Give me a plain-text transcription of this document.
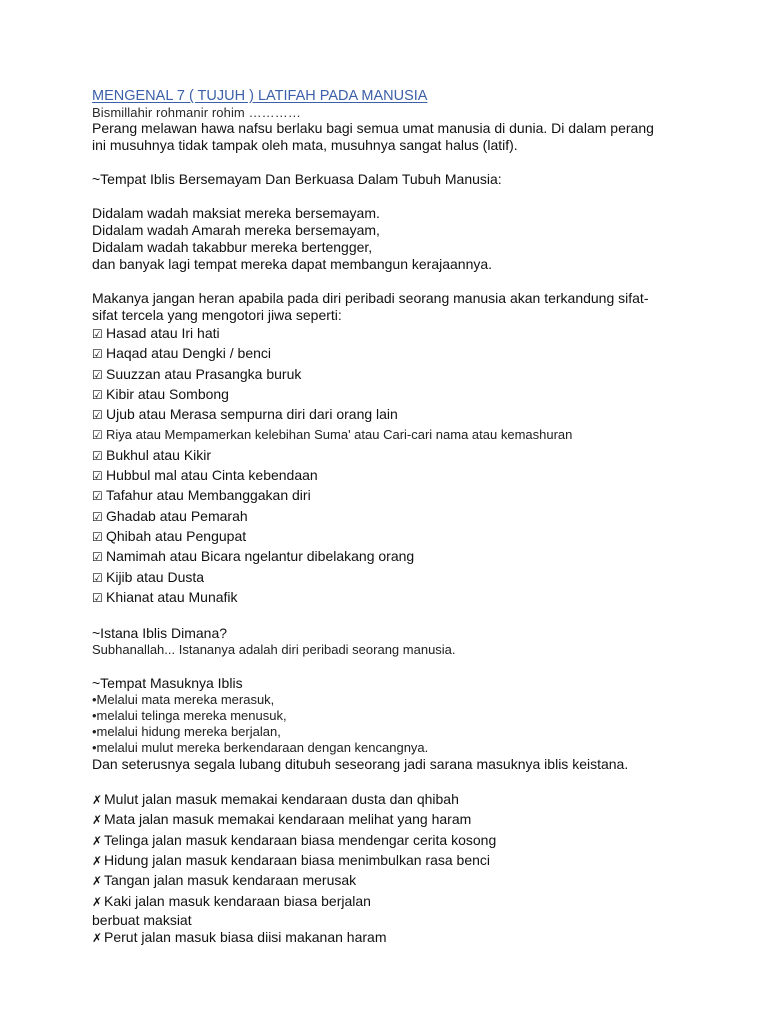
MENGENAL 7 ( TUJUH ) LATIFAH PADA MANUSIA

Bismillahir rohmanir rohim …………

Perang melawan hawa nafsu berlaku bagi semua umat manusia di dunia. Di dalam perang

ini musuhnya tidak tampak oleh mata, musuhnya sangat halus (latif).

~Tempat Iblis Bersemayam Dan Berkuasa Dalam Tubuh Manusia:

Didalam wadah maksiat mereka bersemayam.

Didalam wadah Amarah mereka bersemayam,

Didalam wadah takabbur mereka bertengger,

dan banyak lagi tempat mereka dapat membangun kerajaannya.

Makanya jangan heran apabila pada diri peribadi seorang manusia akan terkandung sifat-

sifat tercela yang mengotori jiwa seperti:

☑ Hasad atau Iri hati
☑ Haqad atau Dengki / benci
☑ Suuzzan atau Prasangka buruk
☑ Kibir atau Sombong
☑ Ujub atau Merasa sempurna diri dari orang lain
☑ Riya atau Mempamerkan kelebihan Suma' atau Cari-cari nama atau kemashuran
☑ Bukhul atau Kikir
☑ Hubbul mal atau Cinta kebendaan
☑ Tafahur atau Membanggakan diri
☑ Ghadab atau Pemarah
☑ Qhibah atau Pengupat
☑ Namimah atau Bicara ngelantur dibelakang orang
☑ Kijib atau Dusta
☑ Khianat atau Munafik

~Istana Iblis Dimana?

Subhanallah... Istananya adalah diri peribadi seorang manusia.

~Tempat Masuknya Iblis

•Melalui mata mereka merasuk,
•melalui telinga mereka menusuk,
•melalui hidung mereka berjalan,
•melalui mulut mereka berkendaraan dengan kencangnya.

Dan seterusnya segala lubang ditubuh seseorang jadi sarana masuknya iblis keistana.

✗ Mulut jalan masuk memakai kendaraan dusta dan qhibah
✗ Mata jalan masuk memakai kendaraan melihat yang haram
✗ Telinga jalan masuk kendaraan biasa mendengar cerita kosong
✗ Hidung jalan masuk kendaraan biasa menimbulkan rasa benci
✗ Tangan jalan masuk kendaraan merusak
✗ Kaki jalan masuk kendaraan biasa berjalan
berbuat maksiat
✗ Perut jalan masuk biasa diisi makanan haram
